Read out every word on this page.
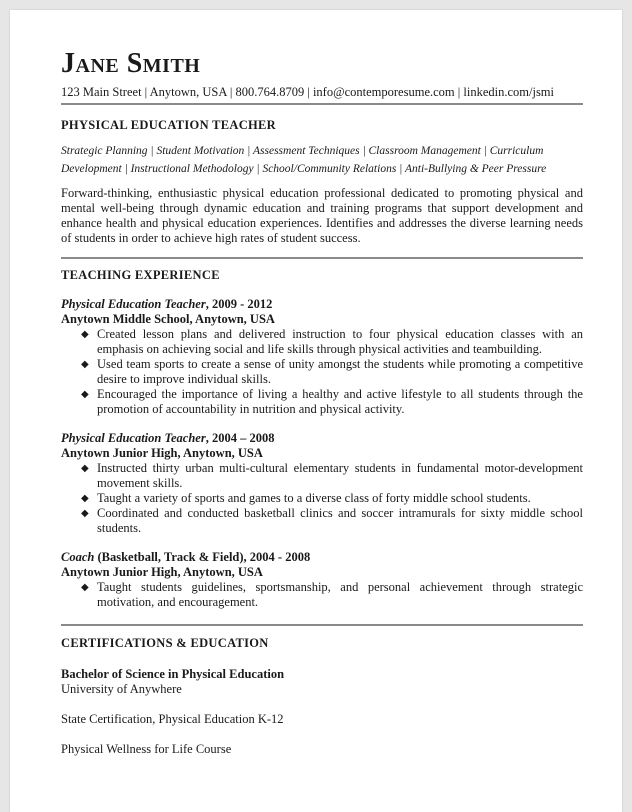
Jane Smith
123 Main Street | Anytown, USA | 800.764.8709 | info@contemporesume.com | linkedin.com/jsmi
PHYSICAL EDUCATION TEACHER
Strategic Planning | Student Motivation | Assessment Techniques | Classroom Management | Curriculum Development | Instructional Methodology | School/Community Relations | Anti-Bullying & Peer Pressure
Forward-thinking, enthusiastic physical education professional dedicated to promoting physical and mental well-being through dynamic education and training programs that support development and enhance health and physical education experiences. Identifies and addresses the diverse learning needs of students in order to achieve high rates of student success.
TEACHING EXPERIENCE
Physical Education Teacher, 2009 - 2012
Anytown Middle School, Anytown, USA
◆ Created lesson plans and delivered instruction to four physical education classes with an emphasis on achieving social and life skills through physical activities and teambuilding.
◆ Used team sports to create a sense of unity amongst the students while promoting a competitive desire to improve individual skills.
◆ Encouraged the importance of living a healthy and active lifestyle to all students through the promotion of accountability in nutrition and physical activity.
Physical Education Teacher, 2004 – 2008
Anytown Junior High, Anytown, USA
◆ Instructed thirty urban multi-cultural elementary students in fundamental motor-development movement skills.
◆ Taught a variety of sports and games to a diverse class of forty middle school students.
◆ Coordinated and conducted basketball clinics and soccer intramurals for sixty middle school students.
Coach (Basketball, Track & Field), 2004 - 2008
Anytown Junior High, Anytown, USA
◆ Taught students guidelines, sportsmanship, and personal achievement through strategic motivation, and encouragement.
CERTIFICATIONS & EDUCATION
Bachelor of Science in Physical Education
University of Anywhere
State Certification, Physical Education K-12
Physical Wellness for Life Course
